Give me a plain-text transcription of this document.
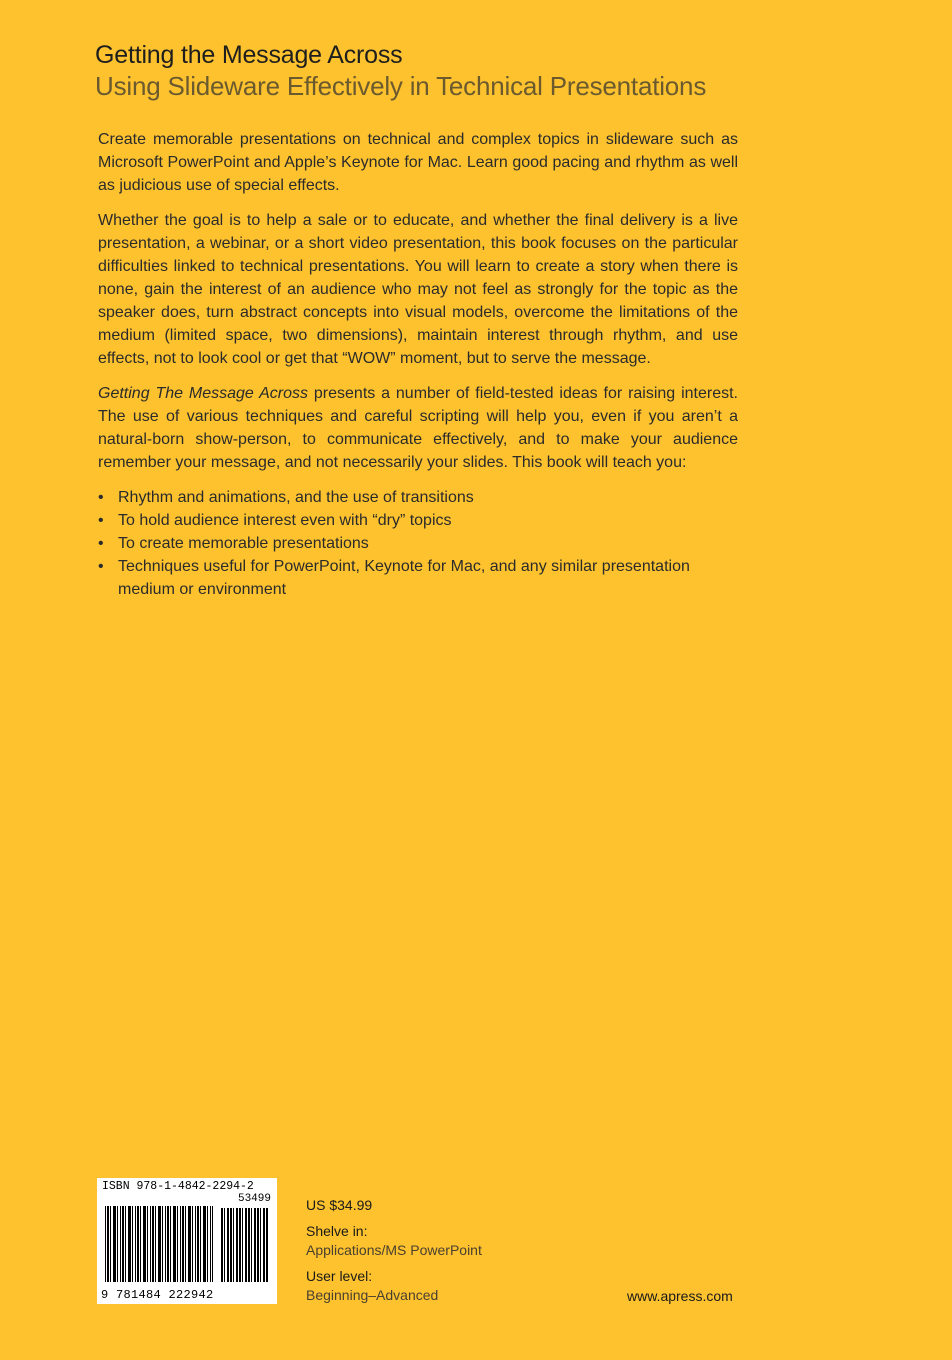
Getting the Message Across
Using Slideware Effectively in Technical Presentations

Create memorable presentations on technical and complex topics in slideware such as Microsoft PowerPoint and Apple’s Keynote for Mac. Learn good pacing and rhythm as well as judicious use of special effects.

Whether the goal is to help a sale or to educate, and whether the final delivery is a live presentation, a webinar, or a short video presentation, this book focuses on the particular difficulties linked to technical presentations. You will learn to create a story when there is none, gain the interest of an audience who may not feel as strongly for the topic as the speaker does, turn abstract concepts into visual models, overcome the limitations of the medium (limited space, two dimensions), maintain interest through rhythm, and use effects, not to look cool or get that “WOW” moment, but to serve the message.

Getting The Message Across presents a number of field-tested ideas for raising interest. The use of various techniques and careful scripting will help you, even if you aren’t a natural-born show-person, to communicate effectively, and to make your audience remember your message, and not necessarily your slides. This book will teach you:

• Rhythm and animations, and the use of transitions
• To hold audience interest even with “dry” topics
• To create memorable presentations
• Techniques useful for PowerPoint, Keynote for Mac, and any similar presentation medium or environment
ISBN 978-1-4842-2294-2
53499
9 781484 222942
US $34.99
Shelve in:
Applications/MS PowerPoint
User level:
Beginning–Advanced	www.apress.com
